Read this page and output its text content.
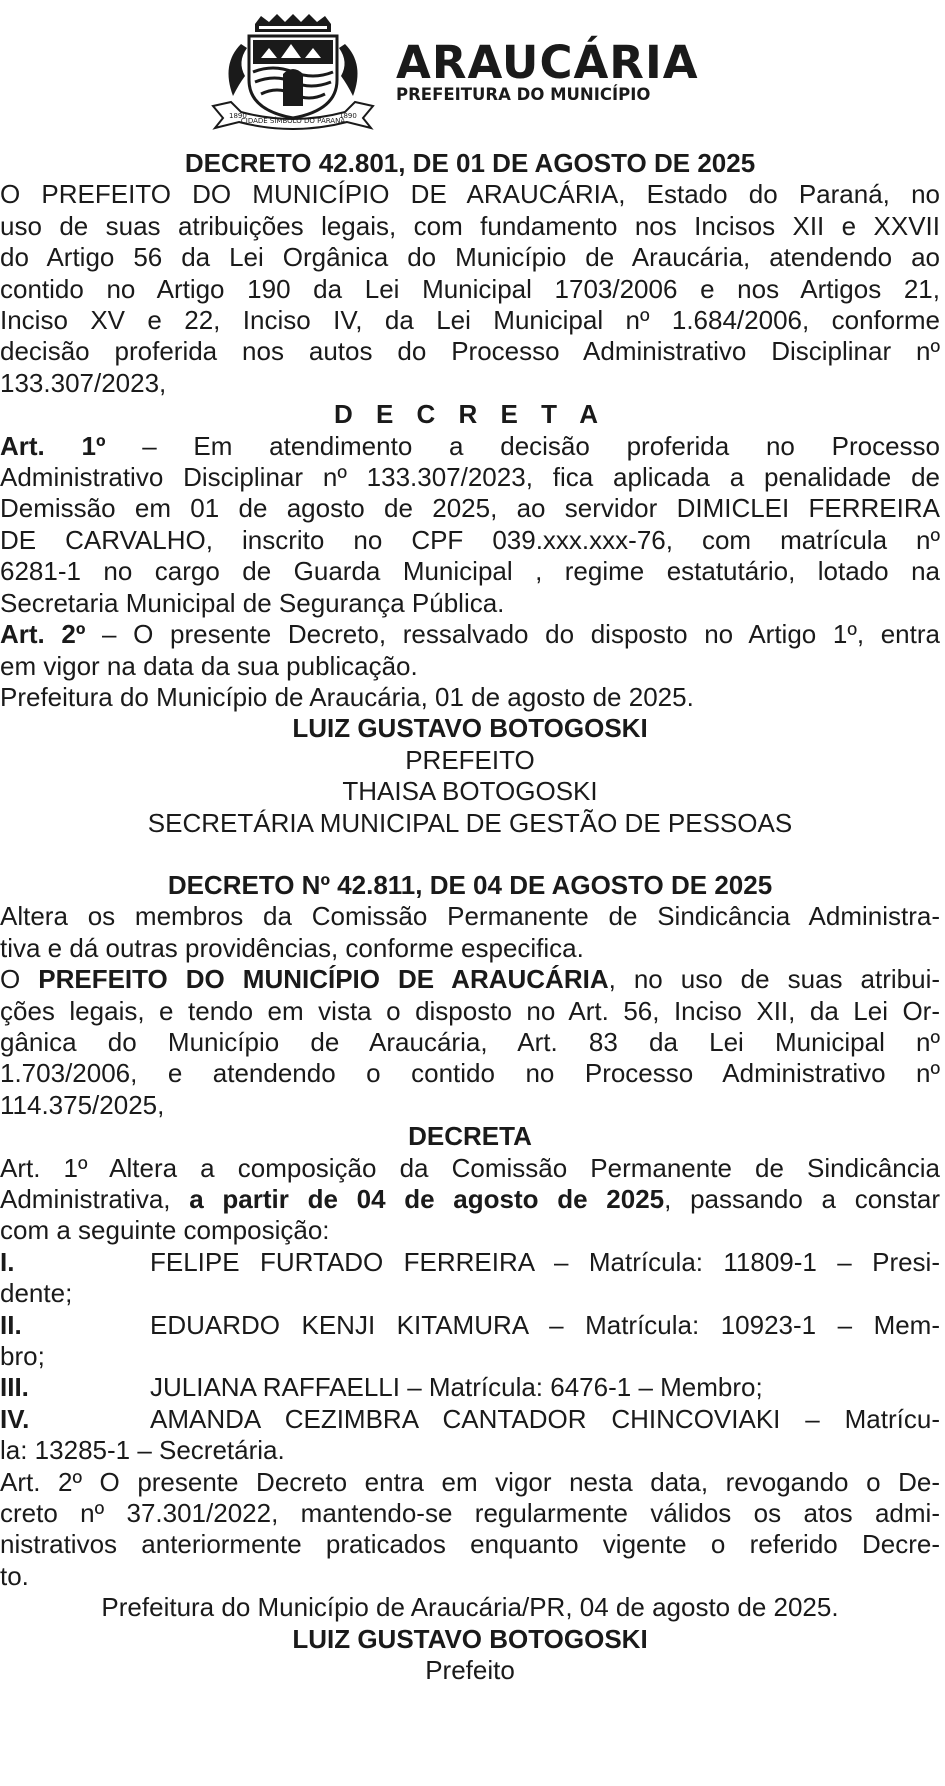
1890
CIDADE SÍMBOLO DO PARANÁ
1890
ARAUCÁRIA
PREFEITURA DO MUNICÍPIO

DECRETO 42.801, DE 01 DE AGOSTO DE 2025

O PREFEITO DO MUNICÍPIO DE ARAUCÁRIA, Estado do Paraná, no

uso de suas atribuições legais, com fundamento nos Incisos XII e XXVII

do Artigo 56 da Lei Orgânica do Município de Araucária, atendendo ao

contido no Artigo 190 da Lei Municipal 1703/2006 e nos Artigos 21,

Inciso XV e 22, Inciso IV, da Lei Municipal nº 1.684/2006, conforme

decisão proferida nos autos do Processo Administrativo Disciplinar nº

133.307/2023,

D E C R E T A

Art. 1º – Em atendimento a decisão proferida no Processo

Administrativo Disciplinar nº 133.307/2023, fica aplicada a penalidade de

Demissão em 01 de agosto de 2025, ao servidor DIMICLEI FERREIRA

DE CARVALHO, inscrito no CPF 039.xxx.xxx-76, com matrícula nº

6281-1 no cargo de Guarda Municipal , regime estatutário, lotado na

Secretaria Municipal de Segurança Pública.

Art. 2º – O presente Decreto, ressalvado do disposto no Artigo 1º, entra

em vigor na data da sua publicação.

Prefeitura do Município de Araucária, 01 de agosto de 2025.

LUIZ GUSTAVO BOTOGOSKI

PREFEITO

THAISA BOTOGOSKI

SECRETÁRIA MUNICIPAL DE GESTÃO DE PESSOAS

DECRETO Nº 42.811, DE 04 DE AGOSTO DE 2025

Altera os membros da Comissão Permanente de Sindicância Administra-

tiva e dá outras providências, conforme especifica.

O PREFEITO DO MUNICÍPIO DE ARAUCÁRIA, no uso de suas atribui-

ções legais, e tendo em vista o disposto no Art. 56, Inciso XII, da Lei Or-

gânica do Município de Araucária, Art. 83 da Lei Municipal nº

1.703/2006, e atendendo o contido no Processo Administrativo nº

114.375/2025,

DECRETA

Art. 1º Altera a composição da Comissão Permanente de Sindicância

Administrativa, a partir de 04 de agosto de 2025, passando a constar

com a seguinte composição:

I.	FELIPE FURTADO FERREIRA – Matrícula: 11809-1 – Presi-

dente;

II.	EDUARDO KENJI KITAMURA – Matrícula: 10923-1 – Mem-

bro;

III.	JULIANA RAFFAELLI – Matrícula: 6476-1 – Membro;
IV.	AMANDA CEZIMBRA CANTADOR CHINCOVIAKI – Matrícu-

la: 13285-1 – Secretária.

Art. 2º O presente Decreto entra em vigor nesta data, revogando o De-

creto nº 37.301/2022, mantendo-se regularmente válidos os atos admi-

nistrativos anteriormente praticados enquanto vigente o referido Decre-

to.

Prefeitura do Município de Araucária/PR, 04 de agosto de 2025.

LUIZ GUSTAVO BOTOGOSKI

Prefeito
